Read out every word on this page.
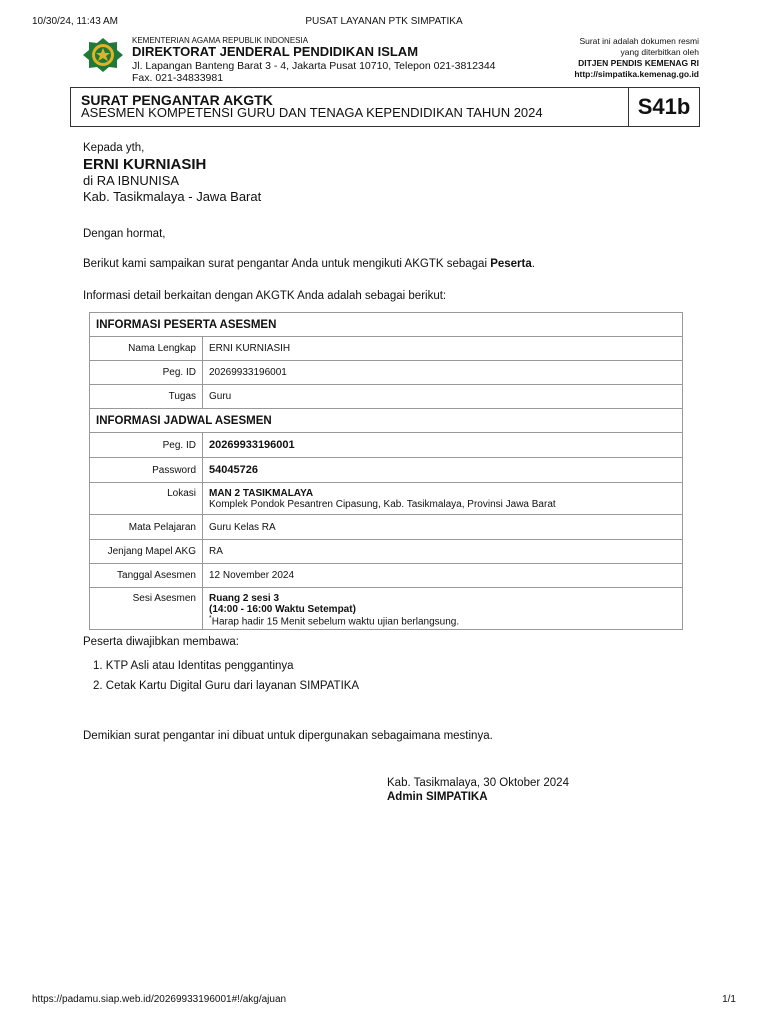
10/30/24, 11:43 AM	PUSAT LAYANAN PTK SIMPATIKA
KEMENTERIAN AGAMA REPUBLIK INDONESIA
DIREKTORAT JENDERAL PENDIDIKAN ISLAM
Jl. Lapangan Banteng Barat 3 - 4, Jakarta Pusat 10710, Telepon 021-3812344
Fax. 021-34833981
Surat ini adalah dokumen resmi
yang diterbitkan oleh
DITJEN PENDIS KEMENAG RI
http://simpatika.kemenag.go.id
SURAT PENGANTAR AKGTK
ASESMEN KOMPETENSI GURU DAN TENAGA KEPENDIDIKAN TAHUN 2024	S41b
Kepada yth,
ERNI KURNIASIH
di RA IBNUNISA
Kab. Tasikmalaya - Jawa Barat
Dengan hormat,
Berikut kami sampaikan surat pengantar Anda untuk mengikuti AKGTK sebagai Peserta.
Informasi detail berkaitan dengan AKGTK Anda adalah sebagai berikut:
INFORMASI PESERTA ASESMEN	
Nama Lengkap	ERNI KURNIASIH
Peg. ID	20269933196001
Tugas	Guru
INFORMASI JADWAL ASESMEN	
Peg. ID	20269933196001
Password	54045726
Lokasi	MAN 2 TASIKMALAYA
Komplek Pondok Pesantren Cipasung, Kab. Tasikmalaya, Provinsi Jawa Barat

Mata Pelajaran	Guru Kelas RA
Jenjang Mapel AKG	RA
Tanggal Asesmen	12 November 2024
Sesi Asesmen	Ruang 2 sesi 3
(14:00 - 16:00 Waktu Setempat)
*Harap hadir 15 Menit sebelum waktu ujian berlangsung.
Peserta diwajibkan membawa:
1. KTP Asli atau Identitas penggantinya
2. Cetak Kartu Digital Guru dari layanan SIMPATIKA
Demikian surat pengantar ini dibuat untuk dipergunakan sebagaimana mestinya.
Kab. Tasikmalaya, 30 Oktober 2024
Admin SIMPATIKA
https://padamu.siap.web.id/20269933196001#!/akg/ajuan	1/1
